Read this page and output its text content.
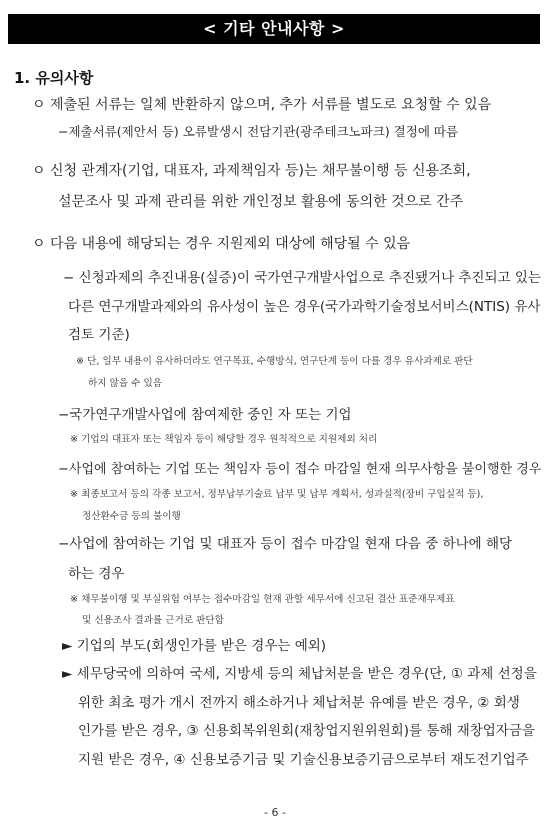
< 기타 안내사항 >
1. 유의사항
ㅇ 제출된 서류는 일체 반환하지 않으며, 추가 서류를 별도로 요청할 수 있음
−제출서류(제안서 등) 오류발생시 전담기관(광주테크노파크) 결정에 따름
ㅇ 신청 관계자(기업, 대표자, 과제책임자 등)는 채무불이행 등 신용조회,
설문조사 및 과제 관리를 위한 개인정보 활용에 동의한 것으로 간주
ㅇ 다음 내용에 해당되는 경우 지원제외 대상에 해당될 수 있음
− 신청과제의 추진내용(실증)이 국가연구개발사업으로 추진됐거나 추진되고 있는
다른 연구개발과제와의 유사성이 높은 경우(국가과학기술정보서비스(NTIS) 유사
검토 기준)
※ 단, 일부 내용이 유사하더라도 연구목표, 수행방식, 연구단계 등이 다를 경우 유사과제로 판단
하지 않을 수 있음
−국가연구개발사업에 참여제한 중인 자 또는 기업
※ 기업의 대표자 또는 책임자 등이 해당할 경우 원칙적으로 지원제외 처리
−사업에 참여하는 기업 또는 책임자 등이 접수 마감일 현재 의무사항을 불이행한 경우
※ 최종보고서 등의 각종 보고서, 정부납부기술료 납부 및 납부 계획서, 성과실적(장비 구입실적 등),
정산환수금 등의 불이행
−사업에 참여하는 기업 및 대표자 등이 접수 마감일 현재 다음 중 하나에 해당
하는 경우
※ 채무불이행 및 부실위험 여부는 접수마감일 현재 관할 세무서에 신고된 결산 표준재무제표
및 신용조사 결과를 근거로 판단함
► 기업의 부도(회생인가를 받은 경우는 예외)
► 세무당국에 의하여 국세, 지방세 등의 체납처분을 받은 경우(단, ① 과제 선정을
위한 최초 평가 개시 전까지 해소하거나 체납처분 유예를 받은 경우, ② 회생
인가를 받은 경우, ③ 신용회복위원회(재창업지원위원회)를 통해 재창업자금을
지원 받은 경우, ④ 신용보증기금 및 기술신용보증기금으로부터 재도전기업주
- 6 -
